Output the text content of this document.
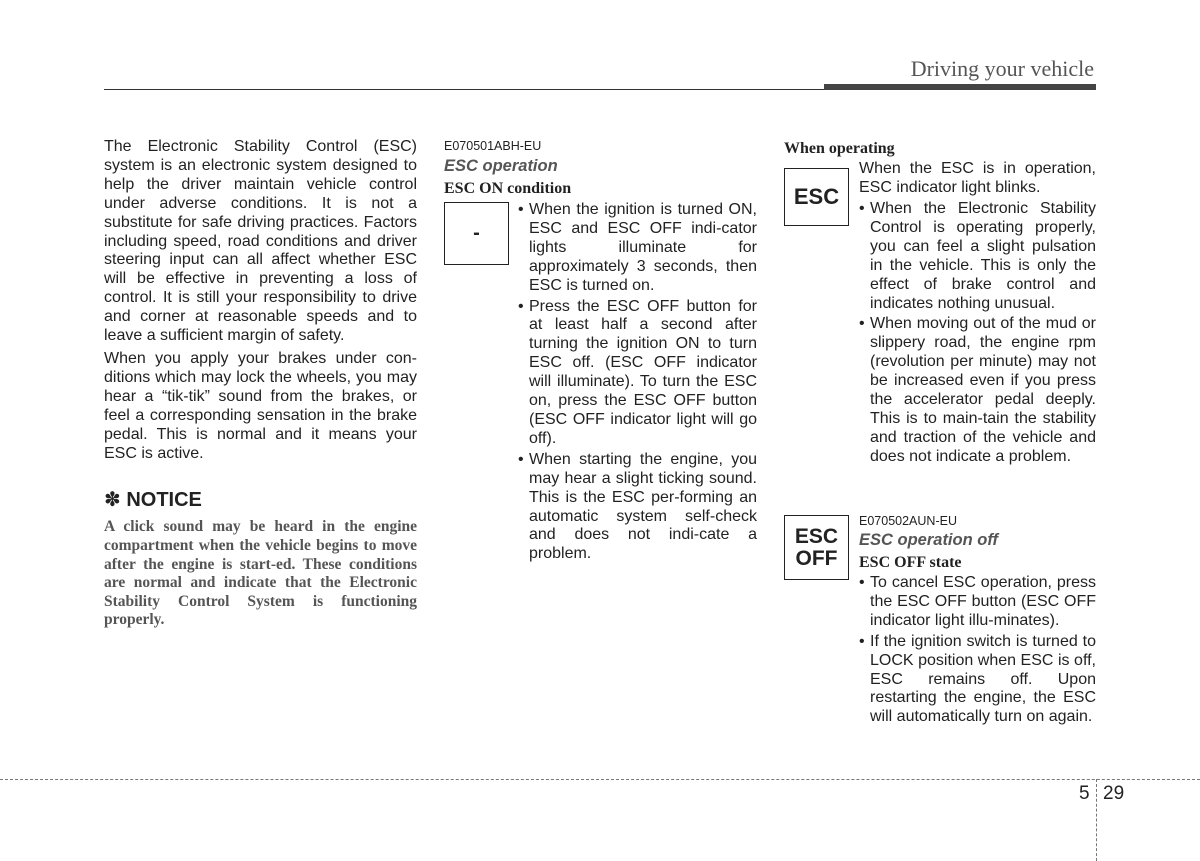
Driving your vehicle

The Electronic Stability Control (ESC) system is an electronic system designed to help the driver maintain vehicle control under adverse conditions. It is not a substitute for safe driving practices. Factors including speed, road conditions and driver steering input can all affect whether ESC will be effective in preventing a loss of control. It is still your responsibility to drive and corner at reasonable speeds and to leave a sufficient margin of safety.

When you apply your brakes under con-ditions which may lock the wheels, you may hear a “tik-tik” sound from the brakes, or feel a corresponding sensation in the brake pedal. This is normal and it means your ESC is active.

✽ NOTICE

A click sound may be heard in the engine compartment when the vehicle begins to move after the engine is start-ed. These conditions are normal and indicate that the Electronic Stability Control System is functioning properly.

E070501ABH-EU
ESC operation
ESC ON condition
-
• When the ignition is turned ON, ESC and ESC OFF indi-cator lights illuminate for approximately 3 seconds, then ESC is turned on.
• Press the ESC OFF button for at least half a second after turning the ignition ON to turn ESC off. (ESC OFF indicator will illuminate). To turn the ESC on, press the ESC OFF button (ESC OFF indicator light will go off).
• When starting the engine, you may hear a slight ticking sound. This is the ESC per-forming an automatic system self-check and does not indi-cate a problem.
When operating
ESC
When the ESC is in operation, ESC indicator light blinks.
• When the Electronic Stability Control is operating properly, you can feel a slight pulsation in the vehicle. This is only the effect of brake control and indicates nothing unusual.
• When moving out of the mud or slippery road, the engine rpm (revolution per minute) may not be increased even if you press the accelerator pedal deeply. This is to main-tain the stability and traction of the vehicle and does not indicate a problem.
ESC
OFF
E070502AUN-EU
ESC operation off
ESC OFF state
• To cancel ESC operation, press the ESC OFF button (ESC OFF indicator light illu-minates).
• If the ignition switch is turned to LOCK position when ESC is off, ESC remains off. Upon restarting the engine, the ESC will automatically turn on again.
5 29
